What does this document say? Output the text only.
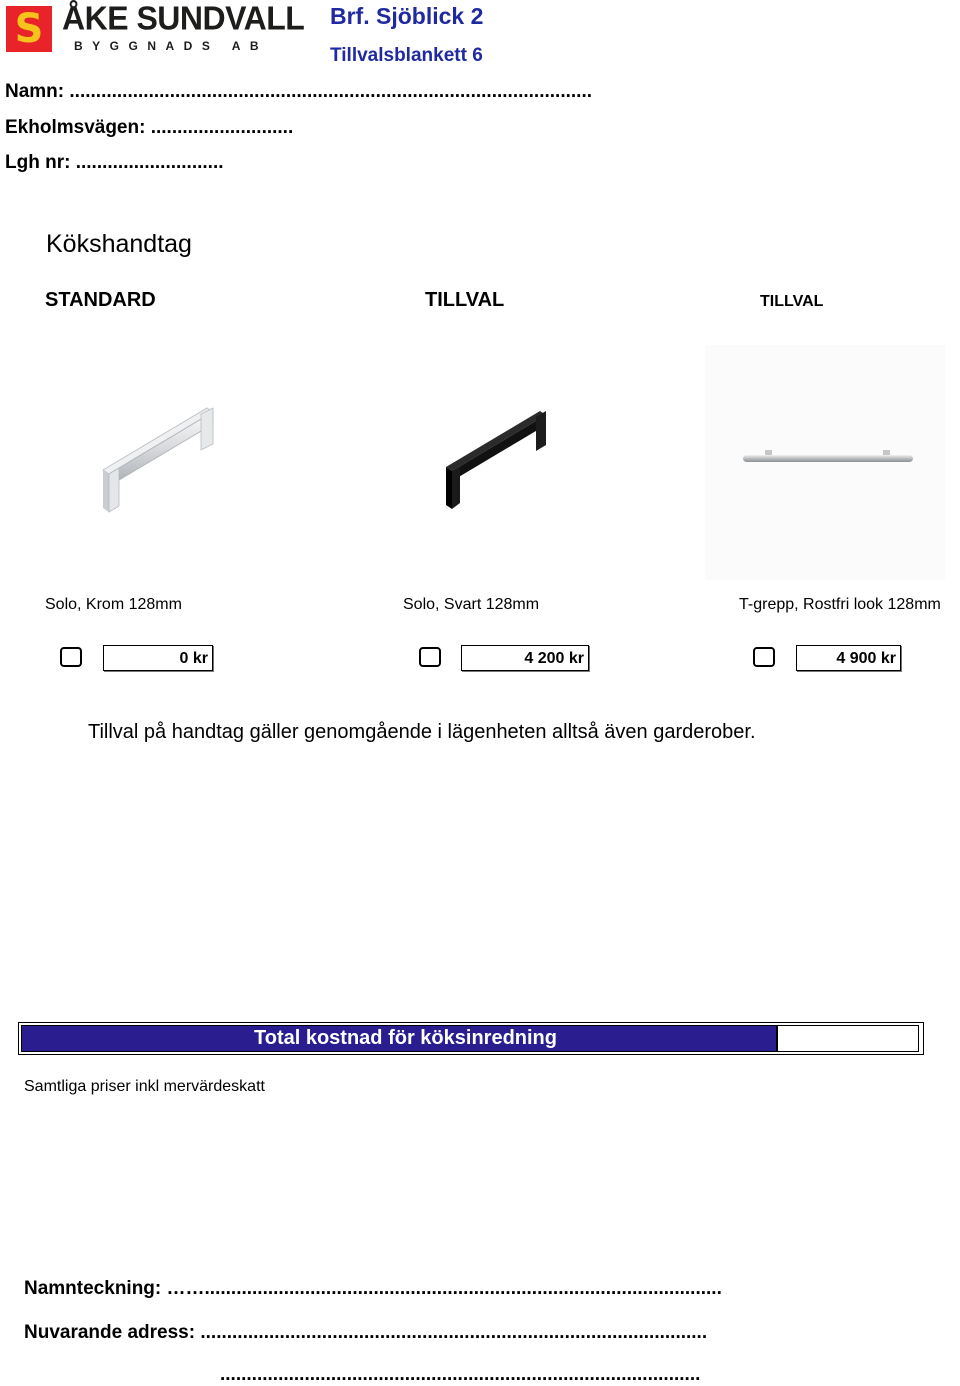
S ÅKE SUNDVALL
BYGGNADS AB
Brf. Sjöblick 2
Tillvalsblankett 6
Namn: ...................................................................................................
Ekholmsvägen: ...........................
Lgh nr: ............................
Kökshandtag
STANDARD	TILLVAL	TILLVAL
Solo, Krom 128mm	Solo, Svart 128mm	T-grepp, Rostfri look 128mm
0 kr	4 200 kr	4 900 kr
Tillval på handtag gäller genomgående i lägenheten alltså även garderober.
Total kostnad för köksinredning
Samtliga priser inkl mervärdeskatt
Namnteckning: ……..................................................................................................
Nuvarande adress: ................................................................................................
...........................................................................................
